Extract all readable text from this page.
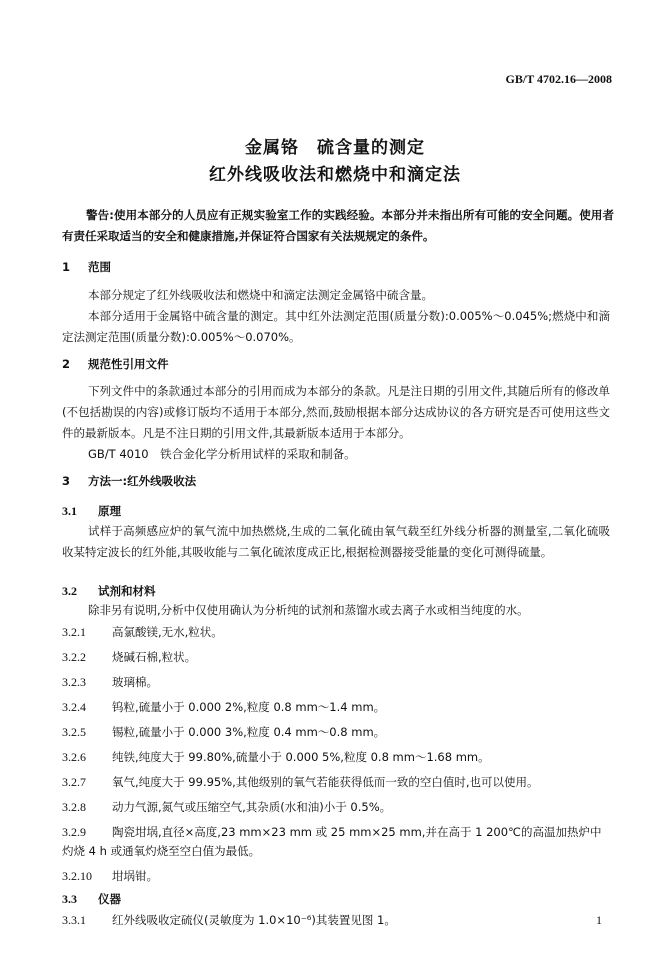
GB/T 4702.16—2008
金属铬　硫含量的测定
红外线吸收法和燃烧中和滴定法
警告:使用本部分的人员应有正规实验室工作的实践经验。本部分并未指出所有可能的安全问题。使用者有责任采取适当的安全和健康措施,并保证符合国家有关法规规定的条件。
1 范围
本部分规定了红外线吸收法和燃烧中和滴定法测定金属铬中硫含量。
本部分适用于金属铬中硫含量的测定。其中红外法测定范围(质量分数):0.005%～0.045%;燃烧中和滴定法测定范围(质量分数):0.005%～0.070%。
2 规范性引用文件
下列文件中的条款通过本部分的引用而成为本部分的条款。凡是注日期的引用文件,其随后所有的修改单(不包括勘误的内容)或修订版均不适用于本部分,然而,鼓励根据本部分达成协议的各方研究是否可使用这些文件的最新版本。凡是不注日期的引用文件,其最新版本适用于本部分。
GB/T 4010　铁合金化学分析用试样的采取和制备。
3 方法一:红外线吸收法
3.1 原理
试样于高频感应炉的氧气流中加热燃烧,生成的二氧化硫由氧气载至红外线分析器的测量室,二氧化硫吸收某特定波长的红外能,其吸收能与二氧化硫浓度成正比,根据检测器接受能量的变化可测得硫量。
3.2 试剂和材料
除非另有说明,分析中仅使用确认为分析纯的试剂和蒸馏水或去离子水或相当纯度的水。
3.2.1 高氯酸镁,无水,粒状。
3.2.2 烧碱石棉,粒状。
3.2.3 玻璃棉。
3.2.4 钨粒,硫量小于 0.000 2%,粒度 0.8 mm～1.4 mm。
3.2.5 锡粒,硫量小于 0.000 3%,粒度 0.4 mm～0.8 mm。
3.2.6 纯铁,纯度大于 99.80%,硫量小于 0.000 5%,粒度 0.8 mm～1.68 mm。
3.2.7 氧气,纯度大于 99.95%,其他级别的氧气若能获得低而一致的空白值时,也可以使用。
3.2.8 动力气源,氮气或压缩空气,其杂质(水和油)小于 0.5%。
3.2.9 陶瓷坩埚,直径×高度,23 mm×23 mm 或 25 mm×25 mm,并在高于 1 200℃的高温加热炉中
灼烧 4 h 或通氧灼烧至空白值为最低。
3.2.10 坩埚钳。
3.3 仪器
3.3.1 红外线吸收定硫仪(灵敏度为 1.0×10⁻⁶)其装置见图 1。	1
